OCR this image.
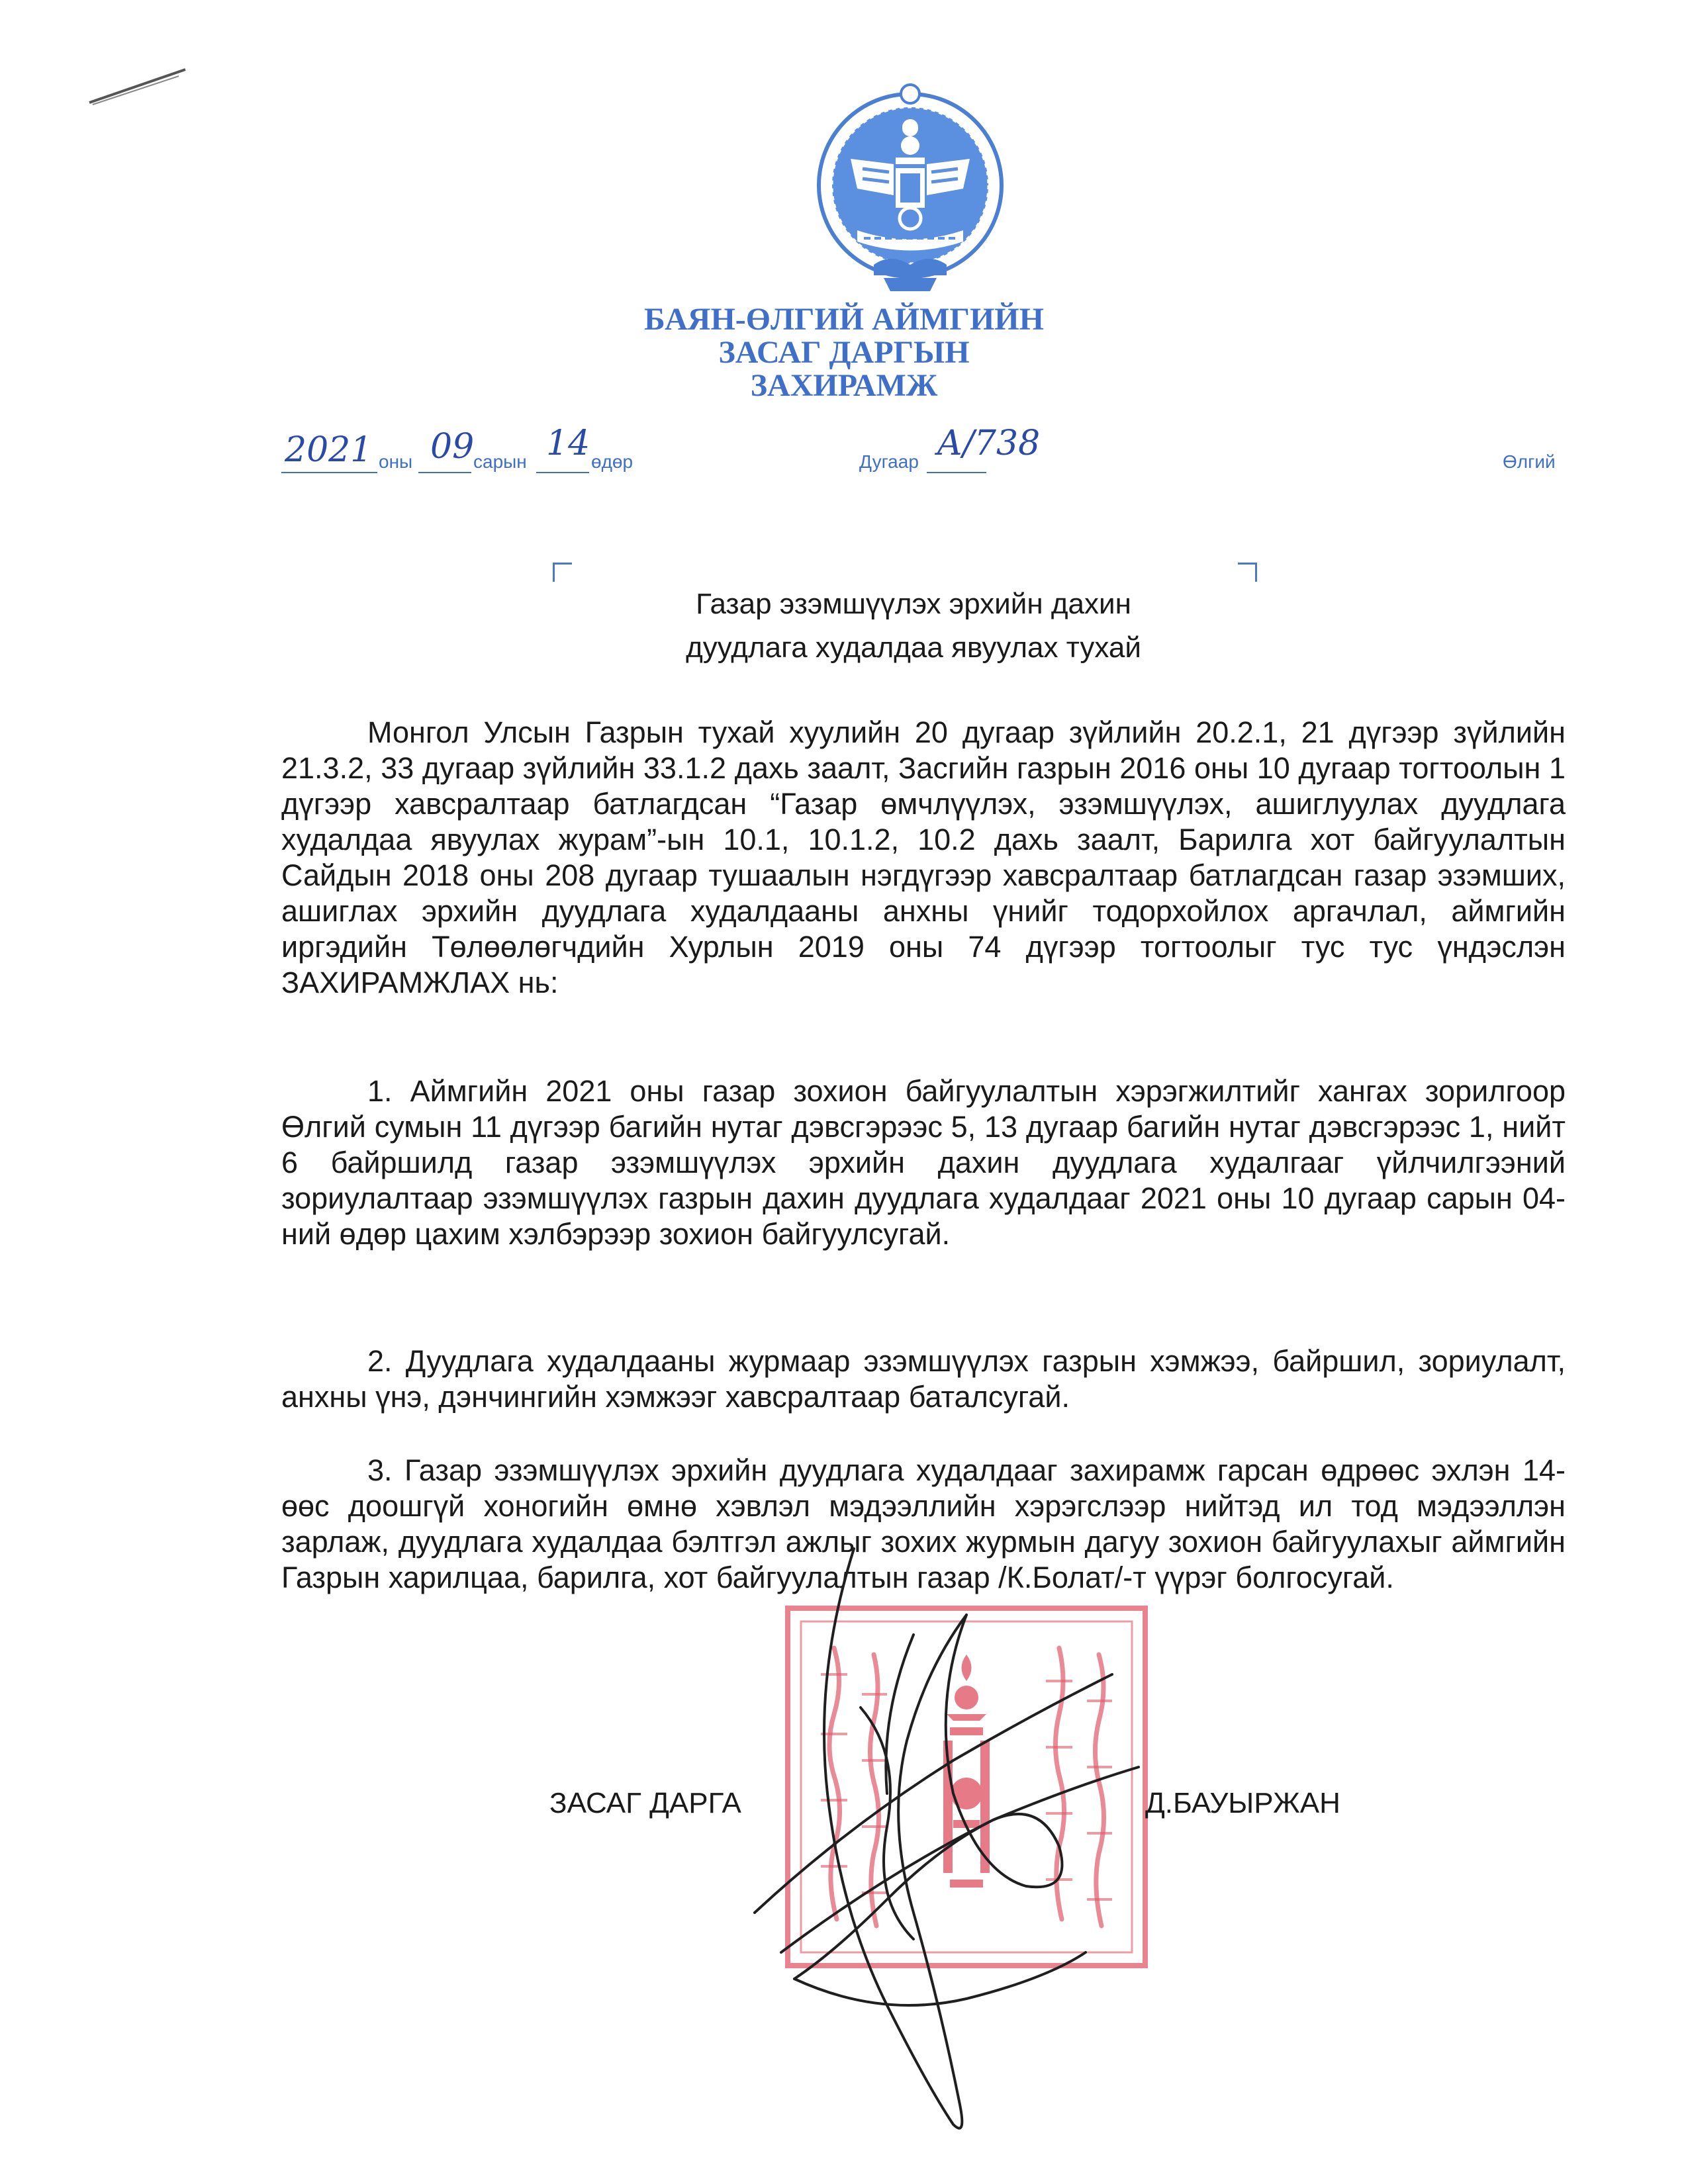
БАЯН-ӨЛГИЙ АЙМГИЙН
ЗАСАГ ДАРГЫН
ЗАХИРАМЖ
2021 оны 09
сарын 14 өдөр	Дугаар А/738	Өлгий
Газар эзэмшүүлэх эрхийн дахин
дуудлага худалдаа явуулах тухай

Монгол Улсын Газрын тухай хуулийн 20 дугаар зүйлийн 20.2.1, 21 дүгээр зүйлийн 21.3.2, 33 дугаар зүйлийн 33.1.2 дахь заалт, Засгийн газрын 2016 оны 10 дугаар тогтоолын 1 дүгээр хавсралтаар батлагдсан “Газар өмчлүүлэх, эзэмшүүлэх, ашиглуулах дуудлага худалдаа явуулах журам”-ын 10.1, 10.1.2, 10.2 дахь заалт, Барилга хот байгуулалтын Сайдын 2018 оны 208 дугаар тушаалын нэгдүгээр хавсралтаар батлагдсан газар эзэмших, ашиглах эрхийн дуудлага худалдааны анхны үнийг тодорхойлох аргачлал, аймгийн иргэдийн Төлөөлөгчдийн Хурлын 2019 оны 74 дүгээр тогтоолыг тус тус үндэслэн ЗАХИРАМЖЛАХ нь:

1. Аймгийн 2021 оны газар зохион байгуулалтын хэрэгжилтийг хангах зорилгоор Өлгий сумын 11 дүгээр багийн нутаг дэвсгэрээс 5, 13 дугаар багийн нутаг дэвсгэрээс 1, нийт 6 байршилд газар эзэмшүүлэх эрхийн дахин дуудлага худалгааг үйлчилгээний зориулалтаар эзэмшүүлэх газрын дахин дуудлага худалдааг 2021 оны 10 дугаар сарын 04-ний өдөр цахим хэлбэрээр зохион байгуулсугай.

2. Дуудлага худалдааны журмаар эзэмшүүлэх газрын хэмжээ, байршил, зориулалт, анхны үнэ, дэнчингийн хэмжээг хавсралтаар баталсугай.

3. Газар эзэмшүүлэх эрхийн дуудлага худалдааг захирамж гарсан өдрөөс эхлэн 14-өөс доошгүй хоногийн өмнө хэвлэл мэдээллийн хэрэгслээр нийтэд ил тод мэдээллэн зарлаж, дуудлага худалдаа бэлтгэл ажлыг зохих журмын дагуу зохион байгуулахыг аймгийн Газрын харилцаа, барилга, хот байгуулалтын газар /К.Болат/-т үүрэг болгосугай.

ЗАСАГ ДАРГА	Д.БАУЫРЖАН
